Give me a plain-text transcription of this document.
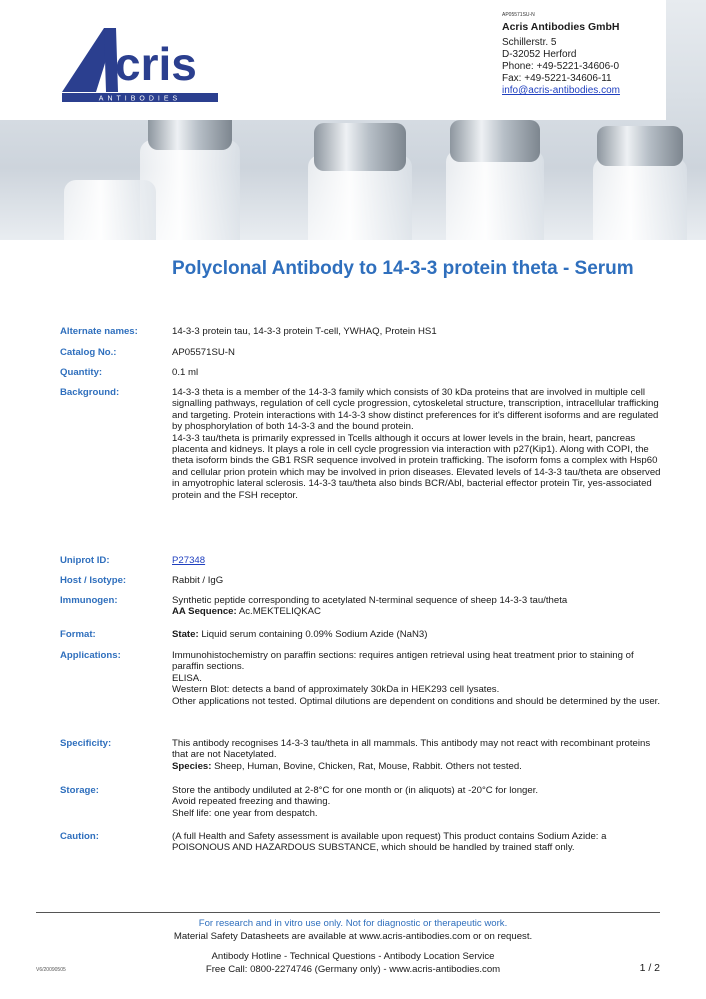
cris
ANTIBODIES
AP05571SU-N
Acris Antibodies GmbH
Schillerstr. 5
D-32052 Herford
Phone: +49-5221-34606-0
Fax: +49-5221-34606-11
info@acris-antibodies.com
Polyclonal Antibody to 14-3-3 protein theta - Serum
Alternate names:	14-3-3 protein tau, 14-3-3 protein T-cell, YWHAQ, Protein HS1
Catalog No.:	AP05571SU-N
Quantity:	0.1 ml
Background:	14-3-3 theta is a member of the 14-3-3 family which consists of 30 kDa proteins that are involved in multiple cell signalling pathways, regulation of cell cycle progression, cytoskeletal structure, transcription, intracellular trafficking and targeting. Protein interactions with 14-3-3 show distinct preferences for it's different isoforms and are regulated by phosphorylation of both 14-3-3 and the bound protein.
14-3-3 tau/theta is primarily expressed in Tcells although it occurs at lower levels in the brain, heart, pancreas placenta and kidneys. It plays a role in cell cycle progression via interaction with p27(Kip1). Along with COPI, the theta isoform binds the GB1 RSR sequence involved in protein trafficking. The isoform foms a complex with Hsp60 and cellular prion protein which may be involved in prion diseases. Elevated levels of 14-3-3 tau/theta are observed in amyotrophic lateral sclerosis. 14-3-3 tau/theta also binds BCR/Abl, bacterial effector protein Tir, yes-associated protein and the FSH receptor.
Uniprot ID:	P27348
Host / Isotype:	Rabbit / IgG
Immunogen:	Synthetic peptide corresponding to acetylated N-terminal sequence of sheep 14-3-3 tau/theta
AA Sequence: Ac.MEKTELIQKAC
Format:	State: Liquid serum containing 0.09% Sodium Azide (NaN3)
Applications:	Immunohistochemistry on paraffin sections: requires antigen retrieval using heat treatment prior to staining of paraffin sections.
ELISA.
Western Blot: detects a band of approximately 30kDa in HEK293 cell lysates.
Other applications not tested. Optimal dilutions are dependent on conditions and should be determined by the user.
Specificity:	This antibody recognises 14-3-3 tau/theta in all mammals. This antibody may not react with recombinant proteins that are not Nacetylated.
Species: Sheep, Human, Bovine, Chicken, Rat, Mouse, Rabbit. Others not tested.
Storage:	Store the antibody undiluted at 2-8°C for one month or (in aliquots) at -20°C for longer.
Avoid repeated freezing and thawing.
Shelf life: one year from despatch.
Caution:	(A full Health and Safety assessment is available upon request) This product contains Sodium Azide: a POISONOUS AND HAZARDOUS SUBSTANCE, which should be handled by trained staff only.
For research and in vitro use only. Not for diagnostic or therapeutic work.
Material Safety Datasheets are available at www.acris-antibodies.com or on request.
Antibody Hotline - Technical Questions - Antibody Location Service
Free Call: 0800-2274746 (Germany only) - www.acris-antibodies.com
V6/20090505	1 / 2
